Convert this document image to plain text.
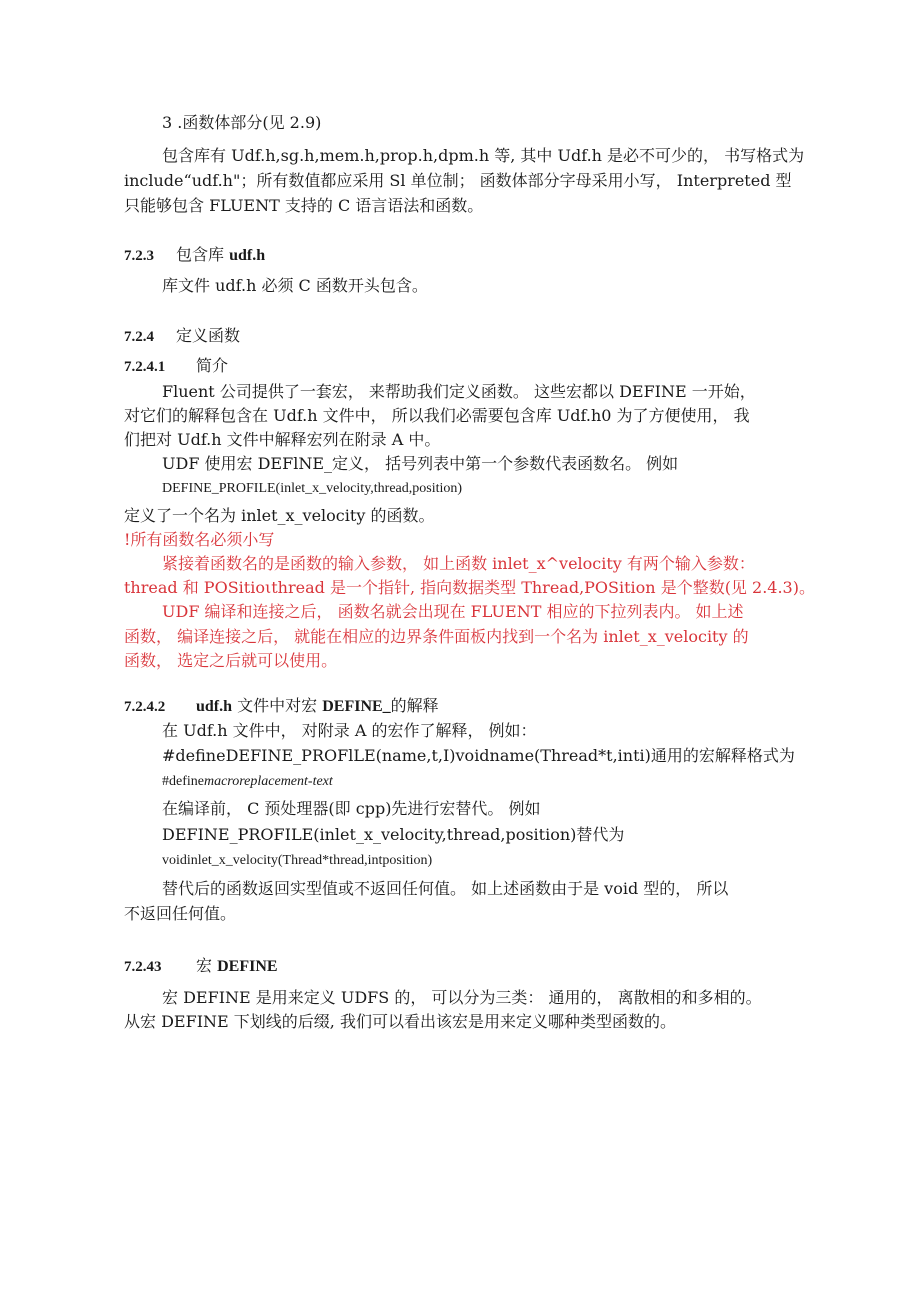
3 .函数体部分(见 2.9)
包含库有 Udf.h,sg.h,mem.h,prop.h,dpm.h 等, 其中 Udf.h 是必不可少的， 书写格式为
include“udf.h"；所有数值都应采用 Sl 单位制； 函数体部分字母采用小写， Interpreted 型
只能够包含 FLUENT 支持的 C 语言语法和函数。
7.2.3 包含库 udf.h
库文件 udf.h 必须 C 函数开头包含。
7.2.4 定义函数
7.2.4.1 简介
Fluent 公司提供了一套宏， 来帮助我们定义函数。 这些宏都以 DEFINE 一开始，
对它们的解释包含在 Udf.h 文件中， 所以我们必需要包含库 Udf.h0 为了方便使用， 我
们把对 Udf.h 文件中解释宏列在附录 A 中。
UDF 使用宏 DEFlNE_定义， 括号列表中第一个参数代表函数名。 例如
DEFINE_PROFILE(inlet_x_velocity,thread,position)
定义了一个名为 inlet_x_velocity 的函数。
!所有函数名必须小写
紧接着函数名的是函数的输入参数， 如上函数 inlet_x^velocity 有两个输入参数：
thread 和 POSitioιthread 是一个指针, 指向数据类型 Thread,POSition 是个整数(见 2.4.3)。
UDF 编译和连接之后， 函数名就会出现在 FLUENT 相应的下拉列表内。 如上述
函数， 编译连接之后， 就能在相应的边界条件面板内找到一个名为 inlet_x_velocity 的
函数， 选定之后就可以使用。
7.2.4.2 udf.h 文件中对宏 DEFINE_的解释
在 Udf.h 文件中， 对附录 A 的宏作了解释， 例如：
#defineDEFINE_PROFlLE(name,t,I)voidname(Thread*t,inti)通用的宏解释格式为
#definemacroreplacement-text
在编译前， C 预处理器(即 cpp)先进行宏替代。 例如
DEFINE_PROFILE(inlet_x_velocity,thread,position)替代为
voidinlet_x_velocity(Thread*thread,intposition)
替代后的函数返回实型值或不返回任何值。 如上述函数由于是 void 型的， 所以
不返回任何值。
7.2.43 宏 DEFINE
宏 DEFINE 是用来定义 UDFS 的， 可以分为三类： 通用的， 离散相的和多相的。
从宏 DEFINE 下划线的后缀, 我们可以看出该宏是用来定义哪种类型函数的。
